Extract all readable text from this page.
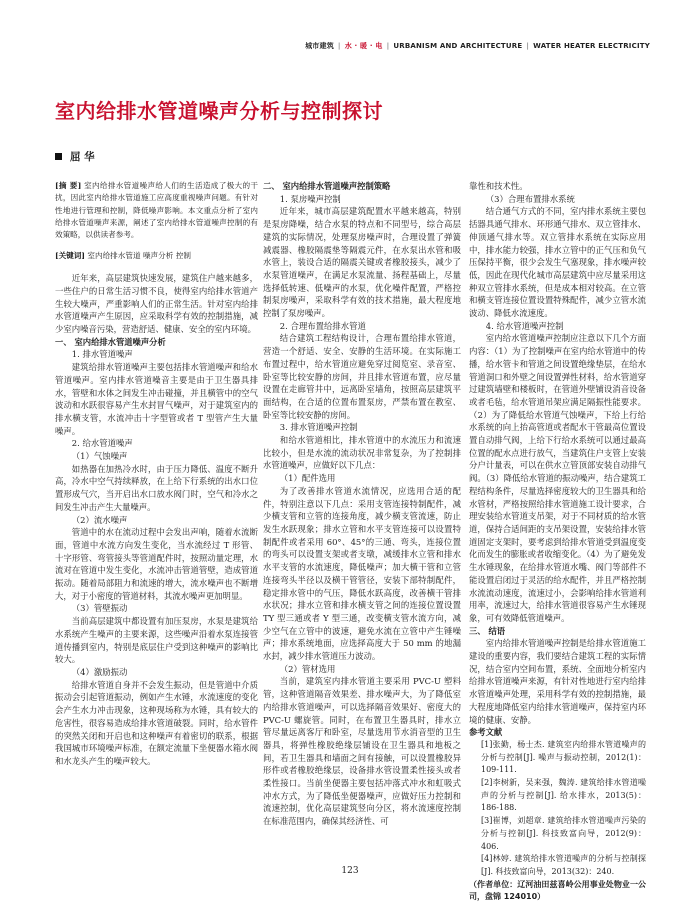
城市建筑 | 水 · 暖 · 电 | URBANISM AND ARCHITECTURE | WATER HEATER ELECTRICITY
室内给排水管道噪声分析与控制探讨
屈 华

[摘 要] 室内给排水管道噪声给人们的生活造成了极大的干扰，因此室内给排水管道施工应高度重视噪声问题。有针对性地进行管理和控制，降低噪声影响。本文重点分析了室内给排水管道噪声来源，阐述了室内给排水管道噪声控制的有效策略，以供读者参考。

[关键词] 室内给排水管道 噪声分析 控制

近年来，高层建筑快速发展，建筑住户越来越多，一些住户的日常生活习惯不良，使得室内给排水管道产生较大噪声，严重影响人们的正常生活。针对室内给排水管道噪声产生原因，应采取科学有效的控制措施，减少室内噪音污染，营造舒适、健康、安全的室内环境。

一、 室内给排水管道噪声分析

1. 排水管道噪声

建筑给排水管道噪声主要包括排水管道噪声和给水管道噪声。室内排水管道噪音主要是由于卫生器具排水，管壁和水体之间发生冲击碰撞，并且横管中的空气波动和水跃很容易产生水封冒气噪声，对于建筑室内的排水横支管，水流冲击十字型管或者 T 型管产生大量噪声。

2. 给水管道噪声

（1）气蚀噪声

如热器在加热冷水时，由于压力降低、温度不断升高，冷水中空气持续释放，在上给下行系统的出水口位置形成气穴，当开启出水口放水阀门时，空气和冷水之间发生冲击产生大量噪声。

（2）流水噪声

管道中的水在流动过程中会发出声响，随着水流断面，管道中水流方向发生变化，当水流经过 T 形管、十字形管、弯管接头等管道配件时，按照动量定理，水流对在管道中发生变化，水流冲击管道管壁，造成管道振动。随着局部阻力和流速的增大，流水噪声也不断增大，对于小密度的管道材料，其流水噪声更加明显。

（3）管壁振动

当前高层建筑中都设置有加压泵房，水泵是建筑给水系统产生噪声的主要来源，这些噪声沿着水泵连接管道传播到室内，特别是底层住户受到这种噪声的影响比较大。

（4）激励振动

给排水管道自身并不会发生振动，但是管道中介质振动会引起管道振动，例如产生水锤，水流速度的变化会产生水力冲击现象，这种现场称为水锤，具有较大的危害性，很容易造成给排水管道破裂。同时，给水管件的突然关闭和开启也和这种噪声有着密切的联系，根据我国城市环境噪声标准，在额定流量下坐便器水箱水阀和水龙头产生的噪声较大。

二、 室内给排水管道噪声控制策略

1. 泵房噪声控制

近年来，城市高层建筑配置水平越来越高，特别是泵房降噪，结合水泵的特点和不同型号，综合高层建筑的实际情况，处理泵房噪声时，合理设置了弹簧减震器、橡胶隔震垫等隔震元件，在水泵出水管和吸水管上，装设合适的隔震关键或者橡胶接头，减少了水泵管道噪声，在满足水泵流量、扬程基础上，尽量选择低转速、低噪声的水泵，优化噪件配置，严格控制泵房噪声，采取科学有效的技术措施，最大程度地控制了泵房噪声。

2. 合理布置给排水管道

结合建筑工程结构设计，合理布置给排水管道，营造一个舒适、安全、安静的生活环境。在实际施工布置过程中，给水管道应避免穿过阅览室、录音室、卧室等比较安静的房间，并且排水管道布置，应尽量设置在走廊管井中，远离卧室墙角，按照高层建筑平面结构，在合适的位置布置泵房，严禁布置在教室、卧室等比较安静的房间。

3. 排水管道噪声控制

和给水管道相比，排水管道中的水流压力和流速比较小，但是水流的流动状况非常复杂，为了控制排水管道噪声，应做好以下几点：

（1）配件选用

为了改善排水管道水流情况，应选用合适的配件，特别注意以下几点：采用支管连接特制配件，减少横支管和立管的连接角度，减少横支管流速，防止发生水跃现象；排水立管和水平支管连接可以设置特制配件或者采用 60°、45°的三通、弯头，连接位置的弯头可以设置支架或者支墩，减缓排水立管和排水水平支管的水流速度，降低噪声；加大横干管和立管连接弯头半径以及横干管管径，安装下部特制配件，稳定排水管中的气压，降低水跃高度，改善横干管排水状况；排水立管和排水横支管之间的连接位置设置 TY 型三通或者 Y 型三通，改变横支管水流方向，减少空气在立管中的波速，避免水流在立管中产生锤噪声；排水系统地面，应选择高度大于 50 mm 的地漏水封，减少排水管道压力波动。

（2）管材选用

当前，建筑室内排水管道主要采用 PVC-U 塑料管，这种管道隔音效果差、排水噪声大，为了降低室内给排水管道噪声，可以选择隔音效果好、密度大的 PVC-U 螺旋管。同时，在布置卫生器具时，排水立管尽量远离客厅和卧室，尽量选用节水消音型的卫生器具，将弹性橡胶绝缘层铺设在卫生器具和地板之间，若卫生器具和墙面之间有接触，可以设置橡胶异形件或者橡胶绝缘层，设备排水管设置柔性接头或者柔性接口。当前坐便器主要包括冲落式冲水和虹吸式冲水方式，为了降低坐便器噪声，应做好压力控制和流速控制，优化高层建筑竖向分区，将水流速度控制在标准范围内，确保其经济性、可

靠性和技术性。

（3）合理布置排水系统

结合通气方式的不同，室内排水系统主要包括器具通气排水、环形通气排水、双立管排水、伸顶通气排水等。双立管排水系统在实际应用中，排水能力较强，排水立管中的正气压和负气压保持平衡，很少会发生气塞现象，排水噪声较低，因此在现代化城市高层建筑中应尽量采用这种双立管排水系统，但是成本相对较高。在立管和横支管连接位置设置特殊配件，减少立管水流波动、降低水流速度。

4. 给水管道噪声控制

室内给水管道噪声控制应注意以下几个方面内容：（1）为了控制噪声在室内给水管道中的传播，给水管卡和管道之间设置绝缘垫层，在给水管道洞口和外壁之间设置弹性材料，给水管道穿过建筑墙壁和楼板时，在管道外壁铺设消音设备或者毛毡，给水管道吊架应满足隔振性能要求。（2）为了降低给水管道气蚀噪声，下给上行给水系统的向上抬高管道或者配水干管最高位置设置自动排气阀，上给下行给水系统可以通过最高位置的配水点进行放气，当建筑住户支管上安装分户计量表，可以在供水立管顶部安装自动排气阀。（3）降低给水管道的振动噪声，结合建筑工程结构条件，尽量选择密度较大的卫生器具和给水管材，严格按照给排水管道施工设计要求，合理安装给水管道支吊架，对于不同材质的给水管道，保持合适间距的支吊架设置，安装给排水管道固定支架时，要考虑到给排水管道受到温度变化而发生的膨胀或者收缩变化。（4）为了避免发生水锤现象，在给排水管道水嘴、阀门等部件不能设置启闭过于灵活的给水配件，并且严格控制水流流动速度，流速过小，会影响给排水管道利用率，流速过大，给排水管道很容易产生水锤现象，可有效降低管道噪声。

三、 结语

室内给排水管道噪声控制是给排水管道施工建设的重要内容，我们要结合建筑工程的实际情况，结合室内空间布置，系统、全面地分析室内给排水管道噪声来源，有针对性地进行室内给排水管道噪声处理，采用科学有效的控制措施，最大程度地降低室内给排水管道噪声，保持室内环境的健康、安静。

参考文献

[1]张勤，杨士杰. 建筑室内给排水管道噪声的分析与控制[J]. 噪声与振动控制，2012(1)：109-111.

[2]李树新，吴来强，魏涛. 建筑给排水管道噪声的分析与控制[J]. 给水排水，2013(5)：186-188.

[3]崔博，刘超章. 建筑给排水管道噪声污染的分析与控制[J]. 科技致富向导，2012(9)：406.

[4]林婷. 建筑给排水管道噪声的分析与控制探[J]. 科技致富向导，2013(32)：240.

（作者单位：辽河油田兹喜岭公用事业处物业一公司，盘锦 124010）

123
